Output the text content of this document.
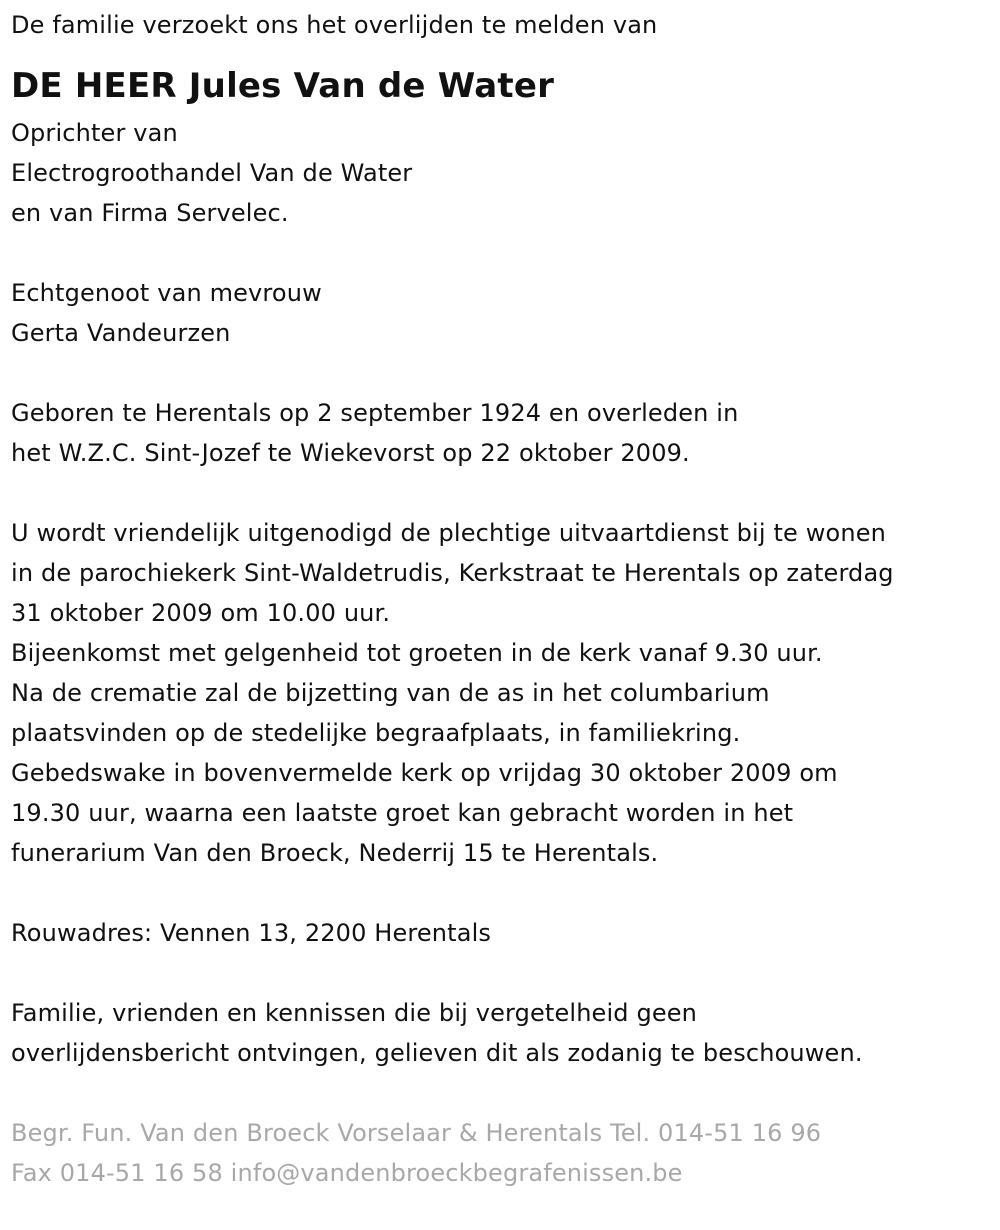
De familie verzoekt ons het overlijden te melden van
DE HEER Jules Van de Water
Oprichter van
Electrogroothandel Van de Water
en van Firma Servelec.
Echtgenoot van mevrouw
Gerta Vandeurzen
Geboren te Herentals op 2 september 1924 en overleden in
het W.Z.C. Sint-Jozef te Wiekevorst op 22 oktober 2009.
U wordt vriendelijk uitgenodigd de plechtige uitvaartdienst bij te wonen
in de parochiekerk Sint-Waldetrudis, Kerkstraat te Herentals op zaterdag
31 oktober 2009 om 10.00 uur.
Bijeenkomst met gelgenheid tot groeten in de kerk vanaf 9.30 uur.
Na de crematie zal de bijzetting van de as in het columbarium
plaatsvinden op de stedelijke begraafplaats, in familiekring.
Gebedswake in bovenvermelde kerk op vrijdag 30 oktober 2009 om
19.30 uur, waarna een laatste groet kan gebracht worden in het
funerarium Van den Broeck, Nederrij 15 te Herentals.
Rouwadres: Vennen 13, 2200 Herentals
Familie, vrienden en kennissen die bij vergetelheid geen
overlijdensbericht ontvingen, gelieven dit als zodanig te beschouwen.
Begr. Fun. Van den Broeck Vorselaar & Herentals Tel. 014-51 16 96
Fax 014-51 16 58 info@vandenbroeckbegrafenissen.be
